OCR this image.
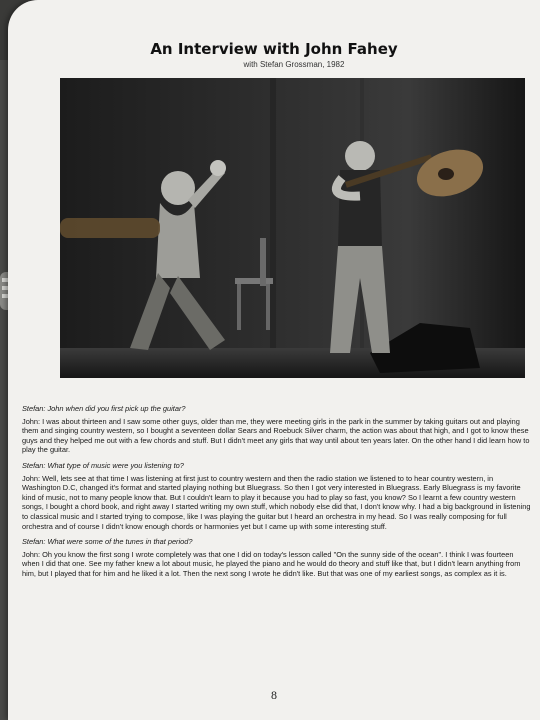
An Interview with John Fahey
with Stefan Grossman, 1982

Stefan: John when did you first pick up the guitar?

John: I was about thirteen and I saw some other guys, older than me, they were meeting girls in the park in the summer by taking guitars out and playing them and singing country western, so I bought a seventeen dollar Sears and Roebuck Silver charm, the action was about that high, and I got to know these guys and they helped me out with a few chords and stuff. But I didn't meet any girls that way until about ten years later. On the other hand I did learn how to play the guitar.

Stefan: What type of music were you listening to?

John: Well, lets see at that time I was listening at first just to country western and then the radio station we listened to to hear country western, in Washington D.C, changed it's format and started playing nothing but Bluegrass. So then I got very interested in Bluegrass. Early Bluegrass is my favorite kind of music, not to many people know that. But I couldn't learn to play it because you had to play so fast, you know? So I learnt a few country western songs, I bought a chord book, and right away I started writing my own stuff, which nobody else did that, I don't know why. I had a big background in listening to classical music and I started trying to compose, like I was playing the guitar but I heard an orchestra in my head. So I was really composing for full orchestra and of course I didn't know enough chords or harmonies yet but I came up with some interesting stuff.

Stefan: What were some of the tunes in that period?

John: Oh you know the first song I wrote completely was that one I did on today's lesson called "On the sunny side of the ocean". I think I was fourteen when I did that one. See my father knew a lot about music, he played the piano and he would do theory and stuff like that, but I didn't learn anything from him, but I played that for him and he liked it a lot. Then the next song I wrote he didn't like. But that was one of my earliest songs, as complex as it is.

8
